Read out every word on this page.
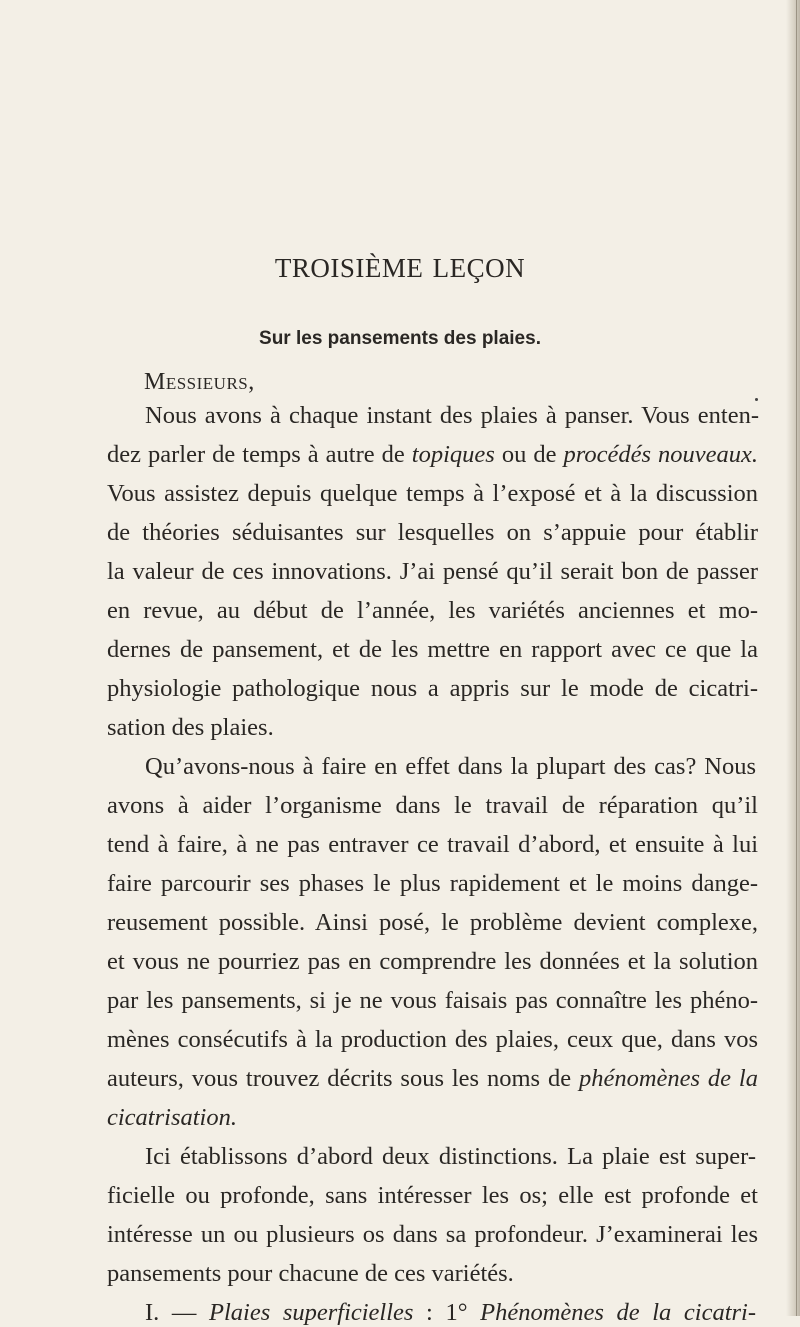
TROISIÈME LEÇON
Sur les pansements des plaies.
Messieurs,
Nous avons à chaque instant des plaies à panser. Vous enten-
dez parler de temps à autre de topiques ou de procédés nouveaux.
Vous assistez depuis quelque temps à l’exposé et à la discussion
de théories séduisantes sur lesquelles on s’appuie pour établir
la valeur de ces innovations. J’ai pensé qu’il serait bon de passer
en revue, au début de l’année, les variétés anciennes et mo-
dernes de pansement, et de les mettre en rapport avec ce que la
physiologie pathologique nous a appris sur le mode de cicatri-
sation des plaies.
Qu’avons-nous à faire en effet dans la plupart des cas? Nous
avons à aider l’organisme dans le travail de réparation qu’il
tend à faire, à ne pas entraver ce travail d’abord, et ensuite à lui
faire parcourir ses phases le plus rapidement et le moins dange-
reusement possible. Ainsi posé, le problème devient complexe,
et vous ne pourriez pas en comprendre les données et la solution
par les pansements, si je ne vous faisais pas connaître les phéno-
mènes consécutifs à la production des plaies, ceux que, dans vos
auteurs, vous trouvez décrits sous les noms de phénomènes de la
cicatrisation.
Ici établissons d’abord deux distinctions. La plaie est super-
ficielle ou profonde, sans intéresser les os; elle est profonde et
intéresse un ou plusieurs os dans sa profondeur. J’examinerai les
pansements pour chacune de ces variétés.
I. — Plaies superficielles : 1° Phénomènes de la cicatri-
